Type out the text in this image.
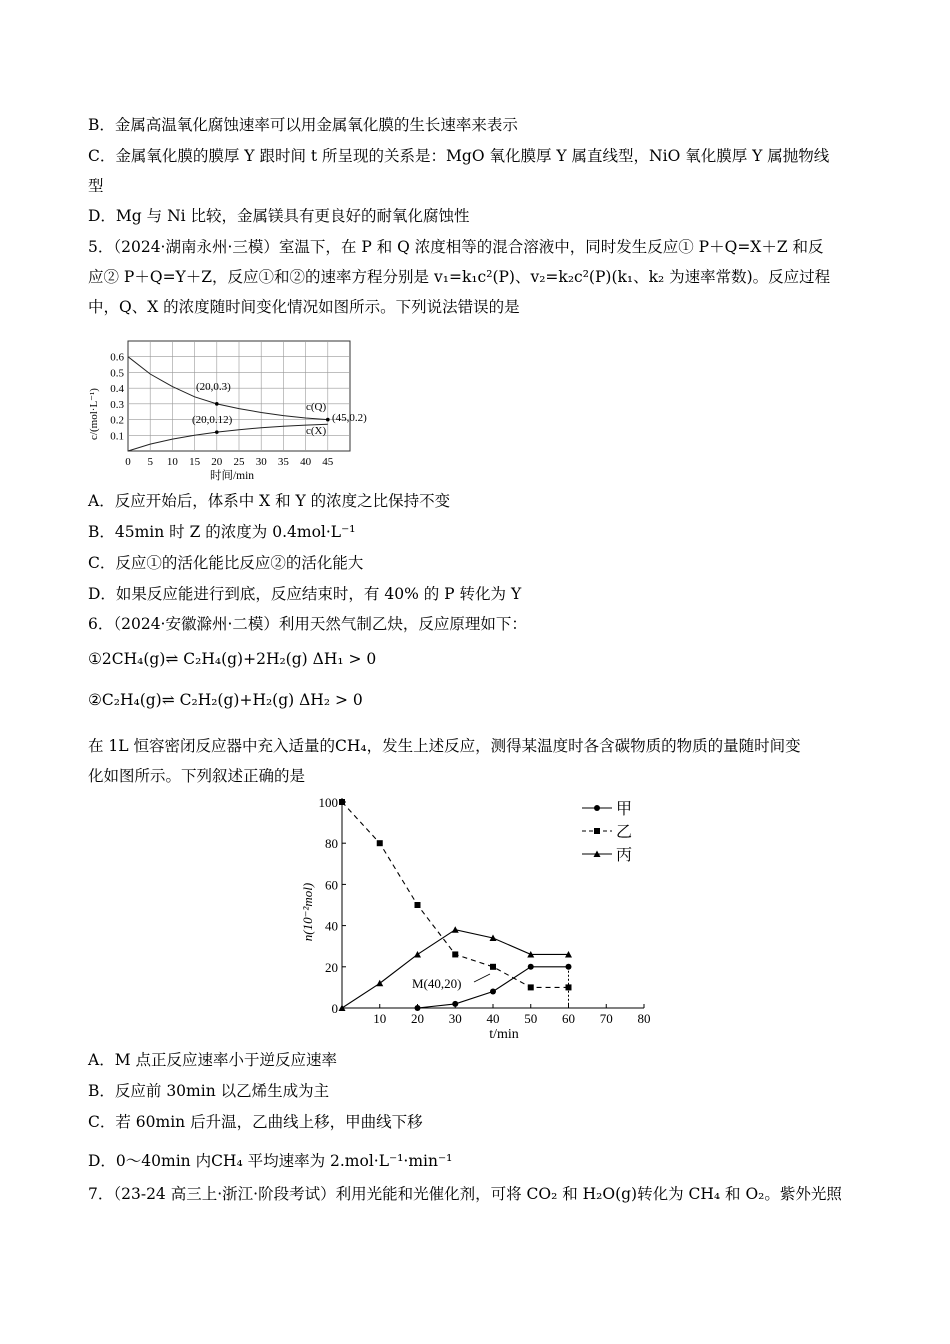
B．金属高温氧化腐蚀速率可以用金属氧化膜的生长速率来表示
C．金属氧化膜的膜厚 Y 跟时间 t 所呈现的关系是：MgO 氧化膜厚 Y 属直线型，NiO 氧化膜厚 Y 属抛物线
型
D．Mg 与 Ni 比较，金属镁具有更良好的耐氧化腐蚀性
5．（2024·湖南永州·三模）室温下，在 P 和 Q 浓度相等的混合溶液中，同时发生反应① P＋Q=X＋Z 和反
应② P＋Q=Y＋Z，反应①和②的速率方程分别是 v₁=k₁c²(P)、v₂=k₂c²(P)(k₁、k₂ 为速率常数)。反应过程
中，Q、X 的浓度随时间变化情况如图所示。下列说法错误的是
0 5 10 15 20 25 30 35 40 45
0.1
0.2
0.3
0.4
0.5
0.6
c/(mol·L⁻¹)
时间/min
(20,0.3)
(20,0.12)	(45,0.2)
c(Q)
c(X)
A．反应开始后，体系中 X 和 Y 的浓度之比保持不变
B．45min 时 Z 的浓度为 0.4mol·L⁻¹
C．反应①的活化能比反应②的活化能大
D．如果反应能进行到底，反应结束时，有 40% 的 P 转化为 Y
6．（2024·安徽滁州·二模）利用天然气制乙炔，反应原理如下：
①2CH₄(g)⇌ C₂H₄(g)+2H₂(g) ΔH₁ > 0
②C₂H₄(g)⇌ C₂H₂(g)+H₂(g) ΔH₂ > 0
在 1L 恒容密闭反应器中充入适量的CH₄，发生上述反应，测得某温度时各含碳物质的物质的量随时间变
化如图所示。下列叙述正确的是
10 20 30 40 50 60 70 80
0
20
40
60
80
100	甲
乙
丙
n(10⁻²mol)
t/min
M(40,20)
A．M 点正反应速率小于逆反应速率
B．反应前 30min 以乙烯生成为主
C．若 60min 后升温，乙曲线上移，甲曲线下移
D．0～40min 内CH₄ 平均速率为 2.mol·L⁻¹·min⁻¹
7．（23-24 高三上·浙江·阶段考试）利用光能和光催化剂，可将 CO₂ 和 H₂O(g)转化为 CH₄ 和 O₂。紫外光照
